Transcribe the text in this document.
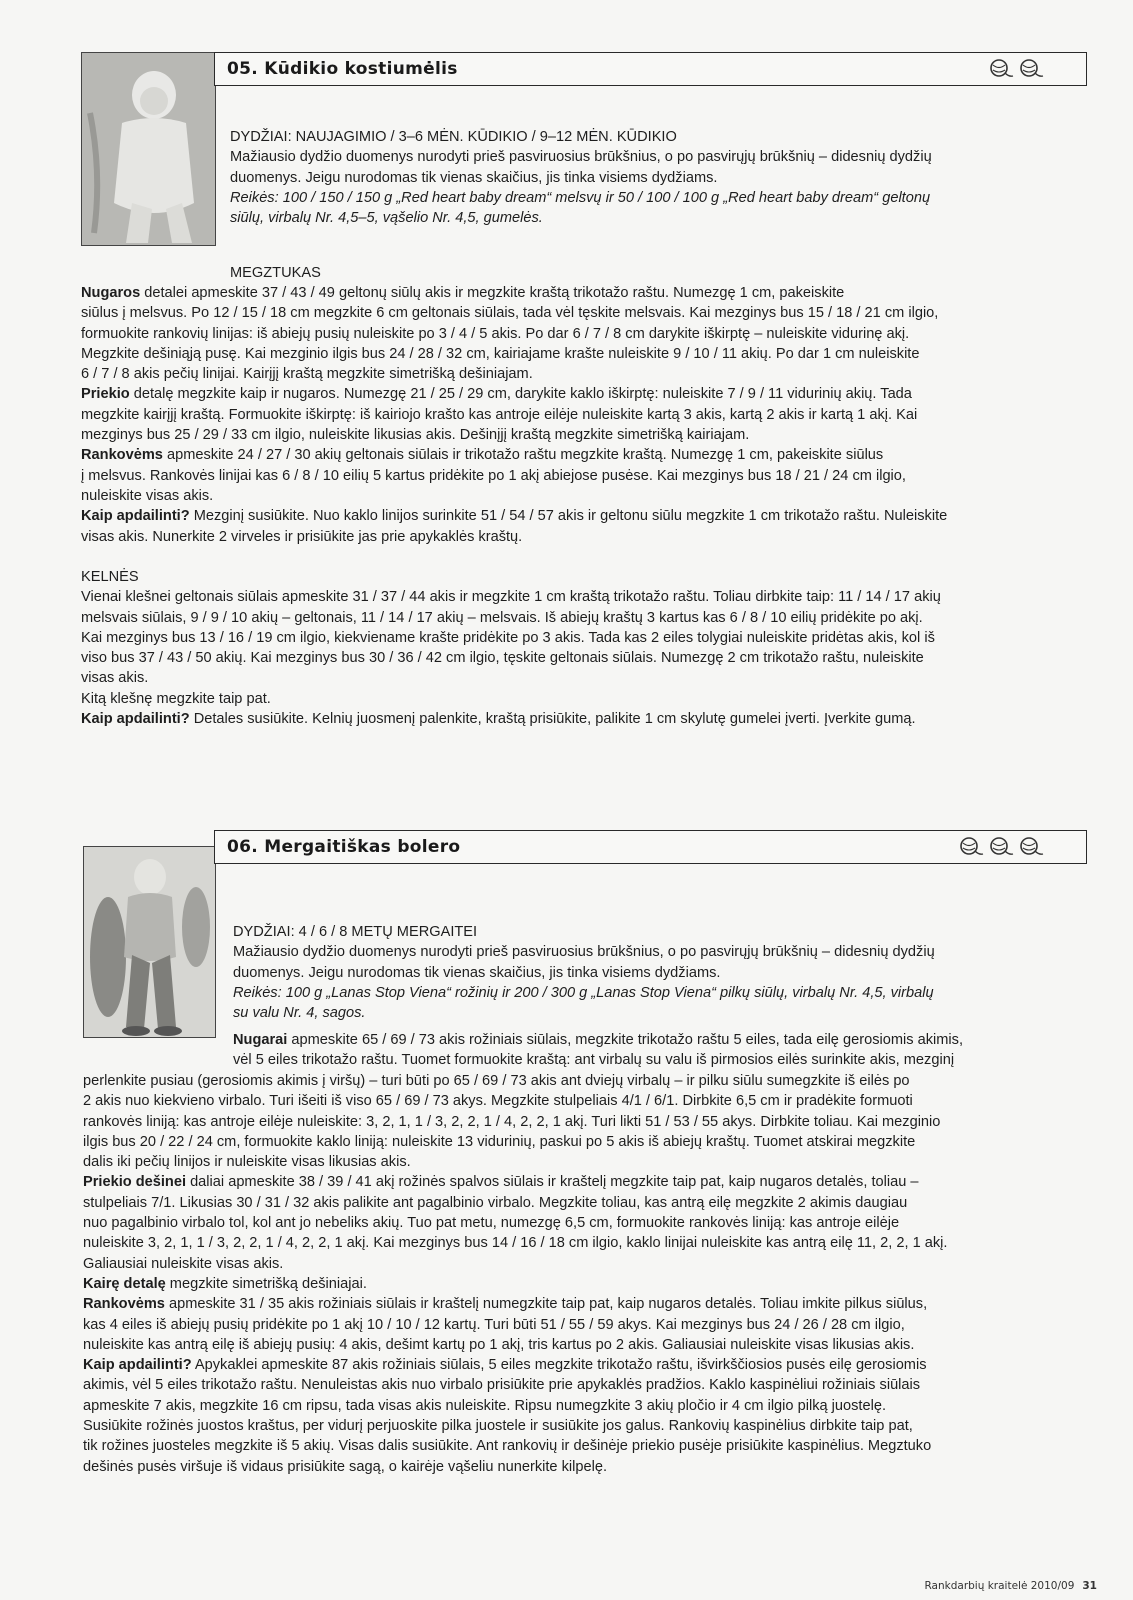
05. Kūdikio kostiumėlis

DYDŽIAI: NAUJAGIMIO / 3–6 MĖN. KŪDIKIO / 9–12 MĖN. KŪDIKIO

Mažiausio dydžio duomenys nurodyti prieš pasviruosius brūkšnius, o po pasvirųjų brūkšnių – didesnių dydžių

duomenys. Jeigu nurodomas tik vienas skaičius, jis tinka visiems dydžiams.

Reikės: 100 / 150 / 150 g „Red heart baby dream“ melsvų ir 50 / 100 / 100 g „Red heart baby dream“ geltonų

siūlų, virbalų Nr. 4,5–5, vąšelio Nr. 4,5, gumelės.

MEGZTUKAS

Nugaros detalei apmeskite 37 / 43 / 49 geltonų siūlų akis ir megzkite kraštą trikotažo raštu. Numezgę 1 cm, pakeiskite

siūlus į melsvus. Po 12 / 15 / 18 cm megzkite 6 cm geltonais siūlais, tada vėl tęskite melsvais. Kai mezginys bus 15 / 18 / 21 cm ilgio,

formuokite rankovių linijas: iš abiejų pusių nuleiskite po 3 / 4 / 5 akis. Po dar 6 / 7 / 8 cm darykite iškirptę – nuleiskite vidurinę akį.

Megzkite dešiniąją pusę. Kai mezginio ilgis bus 24 / 28 / 32 cm, kairiajame krašte nuleiskite 9 / 10 / 11 akių. Po dar 1 cm nuleiskite

6 / 7 / 8 akis pečių linijai. Kairįjį kraštą megzkite simetrišką dešiniajam.

Priekio detalę megzkite kaip ir nugaros. Numezgę 21 / 25 / 29 cm, darykite kaklo iškirptę: nuleiskite 7 / 9 / 11 vidurinių akių. Tada

megzkite kairįjį kraštą. Formuokite iškirptę: iš kairiojo krašto kas antroje eilėje nuleiskite kartą 3 akis, kartą 2 akis ir kartą 1 akį. Kai

mezginys bus 25 / 29 / 33 cm ilgio, nuleiskite likusias akis. Dešinįjį kraštą megzkite simetrišką kairiajam.

Rankovėms apmeskite 24 / 27 / 30 akių geltonais siūlais ir trikotažo raštu megzkite kraštą. Numezgę 1 cm, pakeiskite siūlus

į melsvus. Rankovės linijai kas 6 / 8 / 10 eilių 5 kartus pridėkite po 1 akį abiejose pusėse. Kai mezginys bus 18 / 21 / 24 cm ilgio,

nuleiskite visas akis.

Kaip apdailinti? Mezginį susiūkite. Nuo kaklo linijos surinkite 51 / 54 / 57 akis ir geltonu siūlu megzkite 1 cm trikotažo raštu. Nuleiskite

visas akis. Nunerkite 2 virveles ir prisiūkite jas prie apykaklės kraštų.

KELNĖS

Vienai klešnei geltonais siūlais apmeskite 31 / 37 / 44 akis ir megzkite 1 cm kraštą trikotažo raštu. Toliau dirbkite taip: 11 / 14 / 17 akių

melsvais siūlais, 9 / 9 / 10 akių – geltonais, 11 / 14 / 17 akių – melsvais. Iš abiejų kraštų 3 kartus kas 6 / 8 / 10 eilių pridėkite po akį.

Kai mezginys bus 13 / 16 / 19 cm ilgio, kiekviename krašte pridėkite po 3 akis. Tada kas 2 eiles tolygiai nuleiskite pridėtas akis, kol iš

viso bus 37 / 43 / 50 akių. Kai mezginys bus 30 / 36 / 42 cm ilgio, tęskite geltonais siūlais. Numezgę 2 cm trikotažo raštu, nuleiskite

visas akis.

Kitą klešnę megzkite taip pat.

Kaip apdailinti? Detales susiūkite. Kelnių juosmenį palenkite, kraštą prisiūkite, palikite 1 cm skylutę gumelei įverti. Įverkite gumą.

06. Mergaitiškas bolero

DYDŽIAI: 4 / 6 / 8 METŲ MERGAITEI

Mažiausio dydžio duomenys nurodyti prieš pasviruosius brūkšnius, o po pasvirųjų brūkšnių – didesnių dydžių

duomenys. Jeigu nurodomas tik vienas skaičius, jis tinka visiems dydžiams.

Reikės: 100 g „Lanas Stop Viena“ rožinių ir 200 / 300 g „Lanas Stop Viena“ pilkų siūlų, virbalų Nr. 4,5, virbalų

su valu Nr. 4, sagos.

Nugarai apmeskite 65 / 69 / 73 akis rožiniais siūlais, megzkite trikotažo raštu 5 eiles, tada eilę gerosiomis akimis,

vėl 5 eiles trikotažo raštu. Tuomet formuokite kraštą: ant virbalų su valu iš pirmosios eilės surinkite akis, mezginį

perlenkite pusiau (gerosiomis akimis į viršų) – turi būti po 65 / 69 / 73 akis ant dviejų virbalų – ir pilku siūlu sumegzkite iš eilės po

2 akis nuo kiekvieno virbalo. Turi išeiti iš viso 65 / 69 / 73 akys. Megzkite stulpeliais 4/1 / 6/1. Dirbkite 6,5 cm ir pradėkite formuoti

rankovės liniją: kas antroje eilėje nuleiskite: 3, 2, 1, 1 / 3, 2, 2, 1 / 4, 2, 2, 1 akį. Turi likti 51 / 53 / 55 akys. Dirbkite toliau. Kai mezginio

ilgis bus 20 / 22 / 24 cm, formuokite kaklo liniją: nuleiskite 13 vidurinių, paskui po 5 akis iš abiejų kraštų. Tuomet atskirai megzkite

dalis iki pečių linijos ir nuleiskite visas likusias akis.

Priekio dešinei daliai apmeskite 38 / 39 / 41 akį rožinės spalvos siūlais ir kraštelį megzkite taip pat, kaip nugaros detalės, toliau –

stulpeliais 7/1. Likusias 30 / 31 / 32 akis palikite ant pagalbinio virbalo. Megzkite toliau, kas antrą eilę megzkite 2 akimis daugiau

nuo pagalbinio virbalo tol, kol ant jo nebeliks akių. Tuo pat metu, numezgę 6,5 cm, formuokite rankovės liniją: kas antroje eilėje

nuleiskite 3, 2, 1, 1 / 3, 2, 2, 1 / 4, 2, 2, 1 akį. Kai mezginys bus 14 / 16 / 18 cm ilgio, kaklo linijai nuleiskite kas antrą eilę 11, 2, 2, 1 akį.

Galiausiai nuleiskite visas akis.

Kairę detalę megzkite simetrišką dešiniajai.

Rankovėms apmeskite 31 / 35 akis rožiniais siūlais ir kraštelį numegzkite taip pat, kaip nugaros detalės. Toliau imkite pilkus siūlus,

kas 4 eiles iš abiejų pusių pridėkite po 1 akį 10 / 10 / 12 kartų. Turi būti 51 / 55 / 59 akys. Kai mezginys bus 24 / 26 / 28 cm ilgio,

nuleiskite kas antrą eilę iš abiejų pusių: 4 akis, dešimt kartų po 1 akį, tris kartus po 2 akis. Galiausiai nuleiskite visas likusias akis.

Kaip apdailinti? Apykaklei apmeskite 87 akis rožiniais siūlais, 5 eiles megzkite trikotažo raštu, išvirkščiosios pusės eilę gerosiomis

akimis, vėl 5 eiles trikotažo raštu. Nenuleistas akis nuo virbalo prisiūkite prie apykaklės pradžios. Kaklo kaspinėliui rožiniais siūlais

apmeskite 7 akis, megzkite 16 cm ripsu, tada visas akis nuleiskite. Ripsu numegzkite 3 akių pločio ir 4 cm ilgio pilką juostelę.

Susiūkite rožinės juostos kraštus, per vidurį perjuoskite pilka juostele ir susiūkite jos galus. Rankovių kaspinėlius dirbkite taip pat,

tik rožines juosteles megzkite iš 5 akių. Visas dalis susiūkite. Ant rankovių ir dešinėje priekio pusėje prisiūkite kaspinėlius. Megztuko

dešinės pusės viršuje iš vidaus prisiūkite sagą, o kairėje vąšeliu nunerkite kilpelę.

Rankdarbių kraitelė 2010/09 31
